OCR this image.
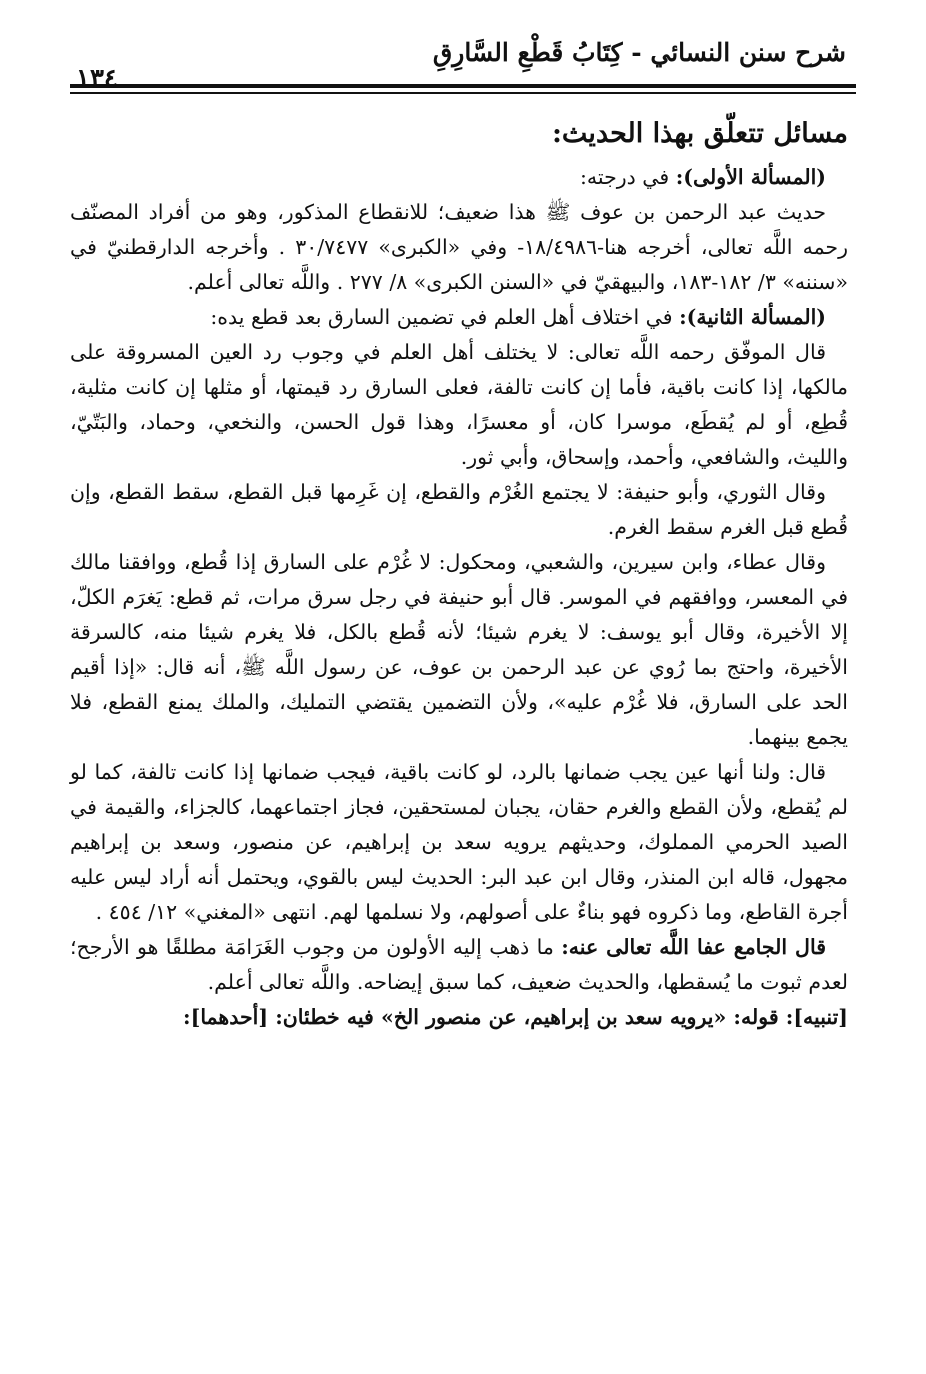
شرح سنن النسائي - كِتَابُ قَطْعِ السَّارِقِ
١٣٤
مسائل تتعلّق بهذا الحديث:

(المسألة الأولى): في درجته:

حديث عبد الرحمن بن عوف ﷺ هذا ضعيف؛ للانقطاع المذكور، وهو من أفراد المصنّف رحمه اللَّه تعالى، أخرجه هنا-١٨/٤٩٨٦- وفي «الكبرى» ٣٠/٧٤٧٧ . وأخرجه الدارقطنيّ في «سننه» ٣/ ١٨٢-١٨٣، والبيهقيّ في «السنن الكبرى» ٨/ ٢٧٧ . واللَّه تعالى أعلم.

(المسألة الثانية): في اختلاف أهل العلم في تضمين السارق بعد قطع يده:

قال الموفّق رحمه اللَّه تعالى: لا يختلف أهل العلم في وجوب رد العين المسروقة على مالكها، إذا كانت باقية، فأما إن كانت تالفة، فعلى السارق رد قيمتها، أو مثلها إن كانت مثلية، قُطِع، أو لم يُقطَع، موسرا كان، أو معسرًا، وهذا قول الحسن، والنخعي، وحماد، والبَتّيّ، والليث، والشافعي، وأحمد، وإسحاق، وأبي ثور.

وقال الثوري، وأبو حنيفة: لا يجتمع الغُرْم والقطع، إن غَرِمها قبل القطع، سقط القطع، وإن قُطع قبل الغرم سقط الغرم.

وقال عطاء، وابن سيرين، والشعبي، ومحكول: لا غُرْم على السارق إذا قُطع، ووافقنا مالك في المعسر، ووافقهم في الموسر. قال أبو حنيفة في رجل سرق مرات، ثم قطع: يَغرَم الكلّ، إلا الأخيرة، وقال أبو يوسف: لا يغرم شيئا؛ لأنه قُطع بالكل، فلا يغرم شيئا منه، كالسرقة الأخيرة، واحتج بما رُوي عن عبد الرحمن بن عوف، عن رسول اللَّه ﷺ، أنه قال: «إذا أقيم الحد على السارق، فلا غُرْم عليه»، ولأن التضمين يقتضي التمليك، والملك يمنع القطع، فلا يجمع بينهما.

قال: ولنا أنها عين يجب ضمانها بالرد، لو كانت باقية، فيجب ضمانها إذا كانت تالفة، كما لو لم يُقطع، ولأن القطع والغرم حقان، يجبان لمستحقين، فجاز اجتماعهما، كالجزاء، والقيمة في الصيد الحرمي المملوك، وحديثهم يرويه سعد بن إبراهيم، عن منصور، وسعد بن إبراهيم مجهول، قاله ابن المنذر، وقال ابن عبد البر: الحديث ليس بالقوي، ويحتمل أنه أراد ليس عليه أجرة القاطع، وما ذكروه فهو بناءٌ على أصولهم، ولا نسلمها لهم. انتهى «المغني» ١٢/ ٤٥٤ .

قال الجامع عفا اللَّه تعالى عنه: ما ذهب إليه الأولون من وجوب الغَرَامَة مطلقًا هو الأرجح؛ لعدم ثبوت ما يُسقطها، والحديث ضعيف، كما سبق إيضاحه. واللَّه تعالى أعلم.

[تنبيه]: قوله: «يرويه سعد بن إبراهيم، عن منصور الخ» فيه خطئان: [أحدهما]:
